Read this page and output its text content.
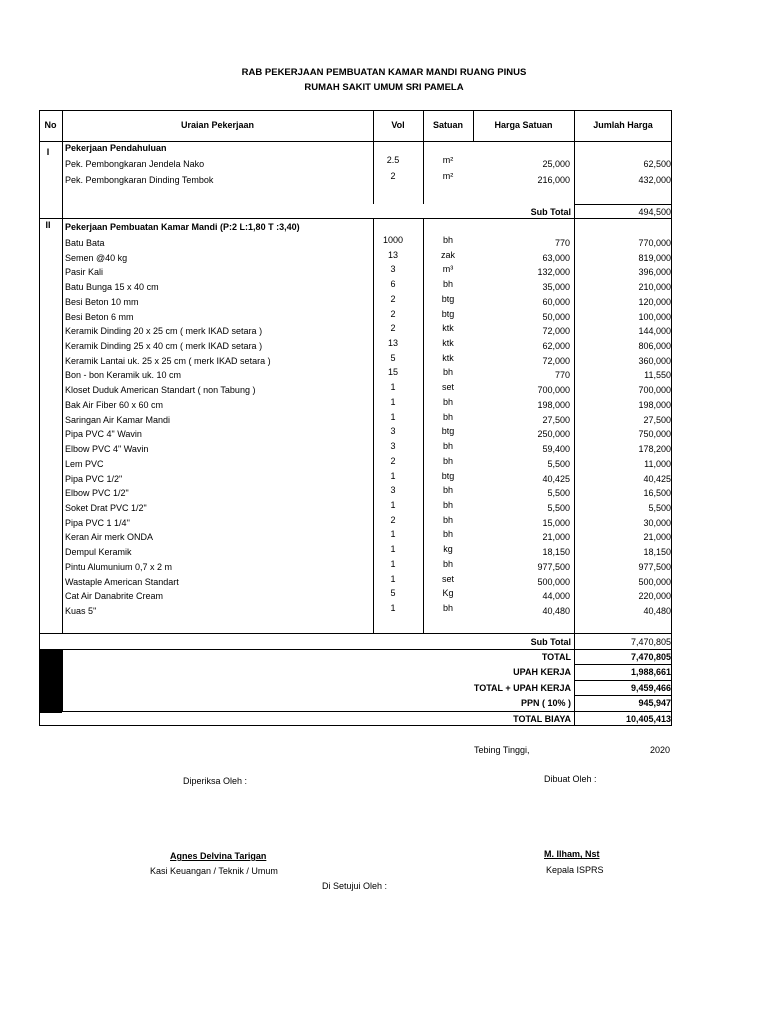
RAB PEKERJAAN PEMBUATAN KAMAR MANDI RUANG PINUS
RUMAH SAKIT UMUM SRI PAMELA
No	Uraian Pekerjaan	Vol	Satuan	Harga Satuan	Jumlah Harga
I	Pekerjaan Pendahuluan
Pek. Pembongkaran Jendela Nako	2.5	m²	25,000	62,500
Pek. Pembongkaran Dinding Tembok	2	m²	216,000	432,000
Sub Total	494,500
II	Pekerjaan Pembuatan Kamar Mandi (P:2 L:1,80 T :3,40)
Batu Bata	1000	bh	770	770,000
Semen @40 kg	13	zak	63,000	819,000
Pasir Kali	3	m³	132,000	396,000
Batu Bunga 15 x 40 cm	6	bh	35,000	210,000
Besi Beton 10 mm	2	btg	60,000	120,000
Besi Beton 6 mm	2	btg	50,000	100,000
Keramik Dinding 20 x 25 cm ( merk IKAD setara )	2	ktk	72,000	144,000
Keramik Dinding 25 x 40 cm ( merk IKAD setara )	13	ktk	62,000	806,000
Keramik Lantai uk. 25 x 25 cm ( merk IKAD setara )	5	ktk	72,000	360,000
Bon - bon Keramik uk. 10 cm	15	bh	770	11,550
Kloset Duduk American Standart ( non Tabung )	1	set	700,000	700,000
Bak Air Fiber 60 x 60 cm	1	bh	198,000	198,000
Saringan Air Kamar Mandi	1	bh	27,500	27,500
Pipa PVC 4" Wavin	3	btg	250,000	750,000
Elbow PVC 4" Wavin	3	bh	59,400	178,200
Lem PVC	2	bh	5,500	11,000
Pipa PVC 1/2"	1	btg	40,425	40,425
Elbow PVC 1/2"	3	bh	5,500	16,500
Soket Drat PVC 1/2"	1	bh	5,500	5,500
Pipa PVC 1 1/4''	2	bh	15,000	30,000
Keran Air merk ONDA	1	bh	21,000	21,000
Dempul Keramik	1	kg	18,150	18,150
Pintu Alumunium 0,7 x 2 m	1	bh	977,500	977,500
Wastaple American Standart	1	set	500,000	500,000
Cat Air Danabrite Cream	5	Kg	44,000	220,000
Kuas 5''	1	bh	40,480	40,480
Sub Total	7,470,805
TOTAL	7,470,805
UPAH KERJA	1,988,661
TOTAL + UPAH KERJA	9,459,466
PPN ( 10% )	945,947
TOTAL BIAYA	10,405,413
Tebing Tinggi,	2020
Diperiksa Oleh :	Dibuat Oleh :
Agnes Delvina Tarigan
Kasi Keuangan / Teknik / Umum
M. Ilham, Nst
Kepala ISPRS
Di Setujui Oleh :
